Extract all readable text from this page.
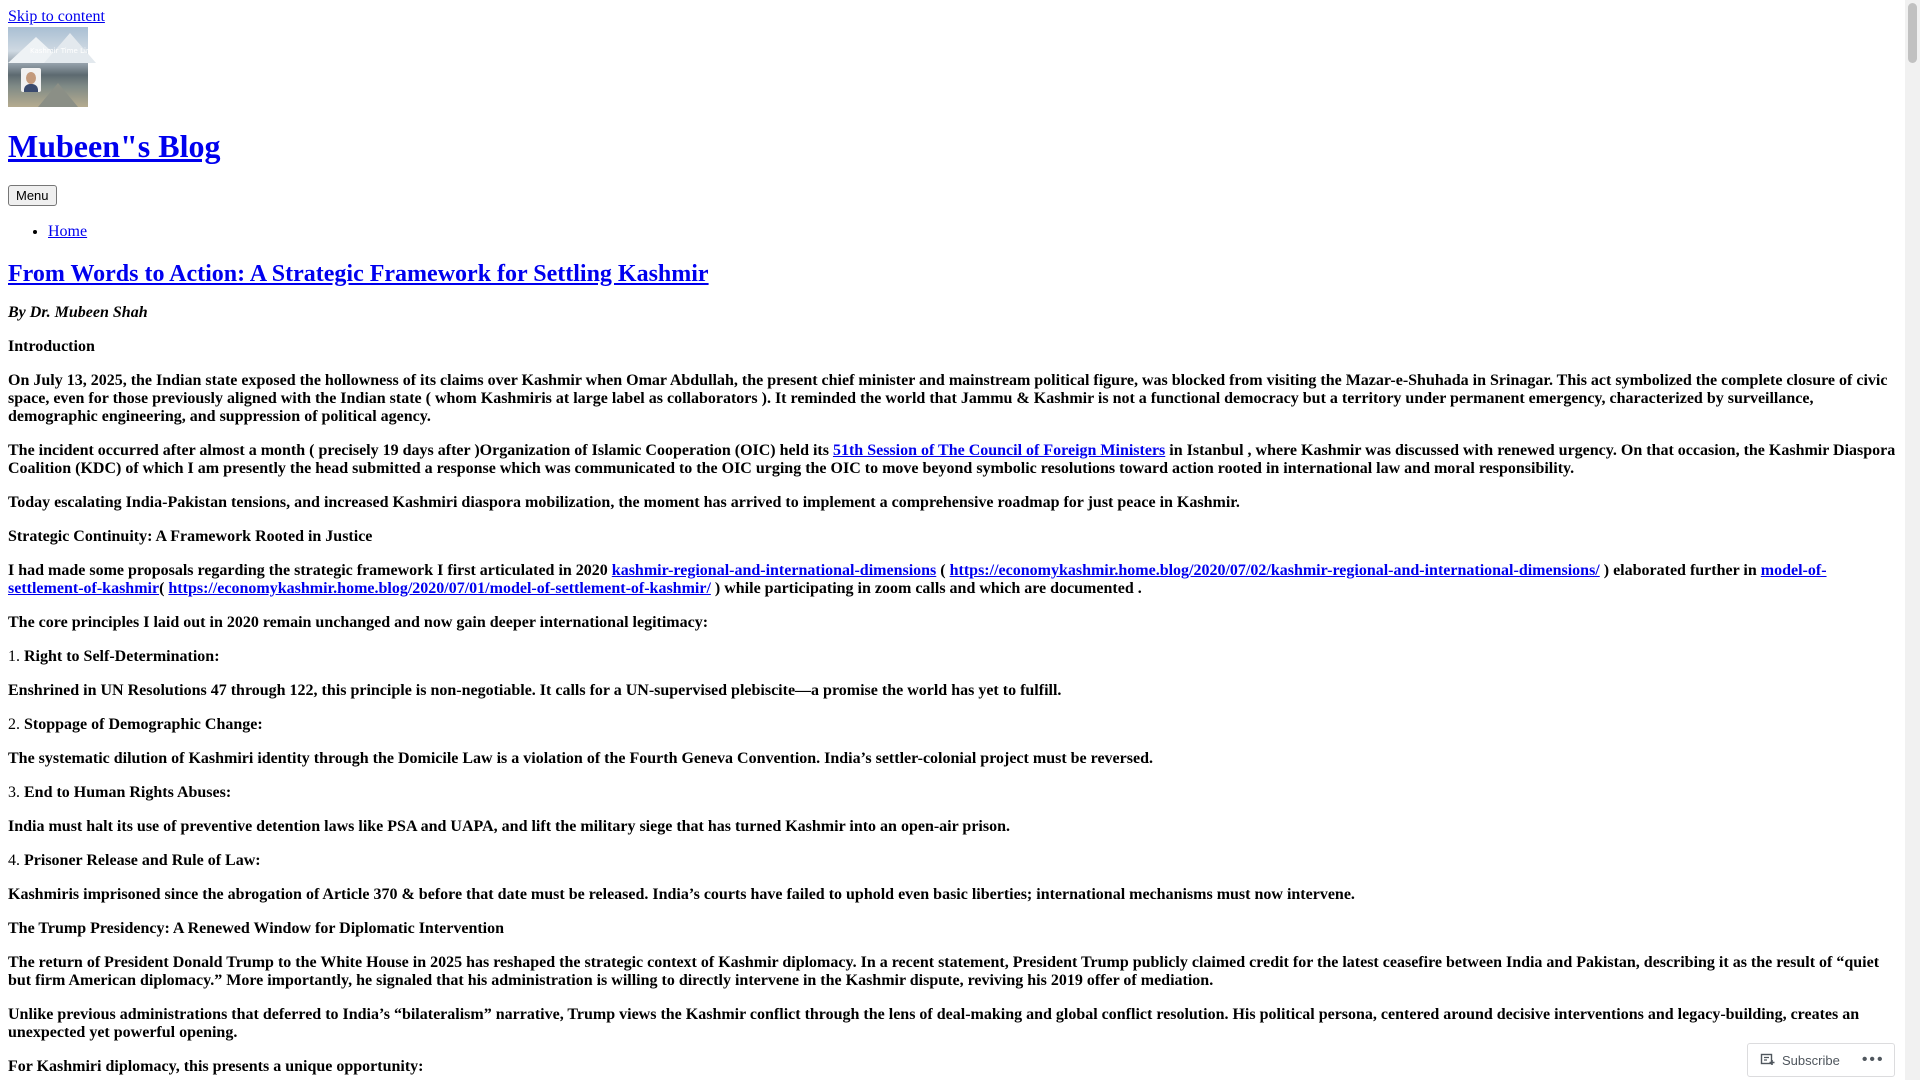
Skip to content
Kashmir Time Line
Mubeen"s Blog
Menu
• Home
From Words to Action: A Strategic Framework for Settling Kashmir

By Dr. Mubeen Shah

Introduction

On July 13, 2025, the Indian state exposed the hollowness of its claims over Kashmir when Omar Abdullah, the present chief minister and mainstream political figure, was blocked from visiting the Mazar-e-Shuhada in Srinagar. This act symbolized the complete closure of civic space, even for those previously aligned with the Indian state ( whom Kashmiris at large label as collaborators ). It reminded the world that Jammu & Kashmir is not a functional democracy but a territory under permanent emergency, characterized by surveillance, demographic engineering, and suppression of political agency.

The incident occurred after almost a month ( precisely 19 days after )Organization of Islamic Cooperation (OIC) held its 51th Session of The Council of Foreign Ministers in Istanbul , where Kashmir was discussed with renewed urgency. On that occasion, the Kashmir Diaspora Coalition (KDC) of which I am presently the head submitted a response which was communicated to the OIC urging the OIC to move beyond symbolic resolutions toward action rooted in international law and moral responsibility.

Today escalating India-Pakistan tensions, and increased Kashmiri diaspora mobilization, the moment has arrived to implement a comprehensive roadmap for just peace in Kashmir.

Strategic Continuity: A Framework Rooted in Justice

I had made some proposals regarding the strategic framework I first articulated in 2020 kashmir-regional-and-international-dimensions ( https://economykashmir.home.blog/2020/07/02/kashmir-regional-and-international-dimensions/ ) elaborated further in model-of-settlement-of-kashmir( https://economykashmir.home.blog/2020/07/01/model-of-settlement-of-kashmir/ ) while participating in zoom calls and which are documented .

The core principles I laid out in 2020 remain unchanged and now gain deeper international legitimacy:

1. Right to Self-Determination:

Enshrined in UN Resolutions 47 through 122, this principle is non-negotiable. It calls for a UN-supervised plebiscite—a promise the world has yet to fulfill.

2. Stoppage of Demographic Change:

The systematic dilution of Kashmiri identity through the Domicile Law is a violation of the Fourth Geneva Convention. India’s settler-colonial project must be reversed.

3. End to Human Rights Abuses:

India must halt its use of preventive detention laws like PSA and UAPA, and lift the military siege that has turned Kashmir into an open-air prison.

4. Prisoner Release and Rule of Law:

Kashmiris imprisoned since the abrogation of Article 370 & before that date must be released. India’s courts have failed to uphold even basic liberties; international mechanisms must now intervene.

The Trump Presidency: A Renewed Window for Diplomatic Intervention

The return of President Donald Trump to the White House in 2025 has reshaped the strategic context of Kashmir diplomacy. In a recent statement, President Trump publicly claimed credit for the latest ceasefire between India and Pakistan, describing it as the result of “quiet but firm American diplomacy.” More importantly, he signaled that his administration is willing to directly intervene in the Kashmir dispute, reviving his 2019 offer of mediation.

Unlike previous administrations that deferred to India’s “bilateralism” narrative, Trump views the Kashmir conflict through the lens of deal-making and global conflict resolution. His political persona, centered around decisive interventions and legacy-building, creates an unexpected yet powerful opening.

For Kashmiri diplomacy, this presents a unique opportunity:	Subscribe •••
